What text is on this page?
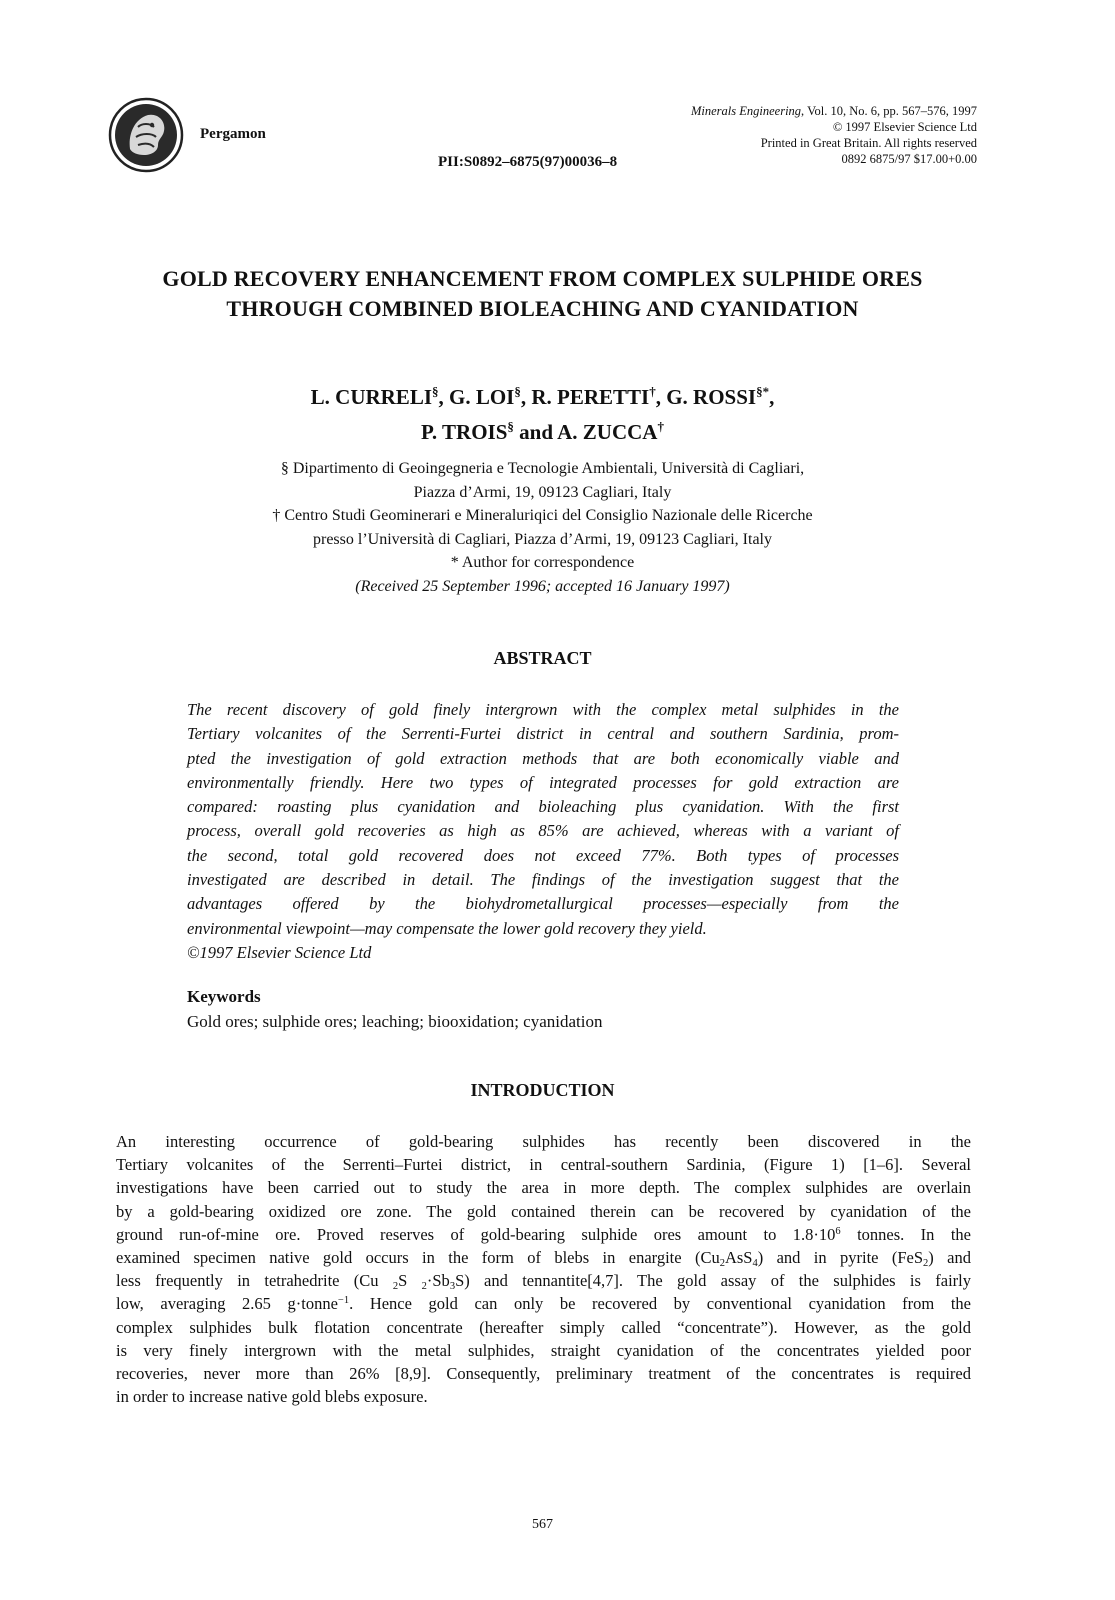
Pergamon
PII:S0892–6875(97)00036–8
Minerals Engineering, Vol. 10, No. 6, pp. 567–576, 1997
© 1997 Elsevier Science Ltd
Printed in Great Britain. All rights reserved
0892 6875/97 $17.00+0.00
GOLD RECOVERY ENHANCEMENT FROM COMPLEX SULPHIDE ORES
THROUGH COMBINED BIOLEACHING AND CYANIDATION
L. CURRELI§, G. LOI§, R. PERETTI†, G. ROSSI§*,
P. TROIS§ and A. ZUCCA†
§ Dipartimento di Geoingegneria e Tecnologie Ambientali, Università di Cagliari,
Piazza d’Armi, 19, 09123 Cagliari, Italy
† Centro Studi Geominerari e Mineraluriqici del Consiglio Nazionale delle Ricerche
presso l’Università di Cagliari, Piazza d’Armi, 19, 09123 Cagliari, Italy
* Author for correspondence
(Received 25 September 1996; accepted 16 January 1997)
ABSTRACT
The recent discovery of gold finely intergrown with the complex metal sulphides in the
Tertiary volcanites of the Serrenti-Furtei district in central and southern Sardinia, prom-
pted the investigation of gold extraction methods that are both economically viable and
environmentally friendly. Here two types of integrated processes for gold extraction are
compared: roasting plus cyanidation and bioleaching plus cyanidation. With the first
process, overall gold recoveries as high as 85% are achieved, whereas with a variant of
the second, total gold recovered does not exceed 77%. Both types of processes
investigated are described in detail. The findings of the investigation suggest that the
advantages offered by the biohydrometallurgical processes—especially from the
environmental viewpoint—may compensate the lower gold recovery they yield.
©1997 Elsevier Science Ltd
Keywords
Gold ores; sulphide ores; leaching; biooxidation; cyanidation
INTRODUCTION
An interesting occurrence of gold-bearing sulphides has recently been discovered in the
Tertiary volcanites of the Serrenti–Furtei district, in central-southern Sardinia, (Figure 1) [1–6]. Several
investigations have been carried out to study the area in more depth. The complex sulphides are overlain
by a gold-bearing oxidized ore zone. The gold contained therein can be recovered by cyanidation of the
ground run-of-mine ore. Proved reserves of gold-bearing sulphide ores amount to $1.8\cdot 10^6$ tonnes. In the
examined specimen native gold occurs in the form of blebs in enargite $(Cu_2AsS_4)$ and in pyrite (FeS$_2$) and
less frequently in tetrahedrite (Cu $_2$S $_2\cdot Sb_3S$) and tennantite[4,7]. The gold assay of the sulphides is fairly
low, averaging 2.65 g·tonne$^{-1}$. Hence gold can only be recovered by conventional cyanidation from the
complex sulphides bulk flotation concentrate (hereafter simply called “concentrate”). However, as the gold
is very finely intergrown with the metal sulphides, straight cyanidation of the concentrates yielded poor
recoveries, never more than 26% [8,9]. Consequently, preliminary treatment of the concentrates is required
in order to increase native gold blebs exposure.
567
